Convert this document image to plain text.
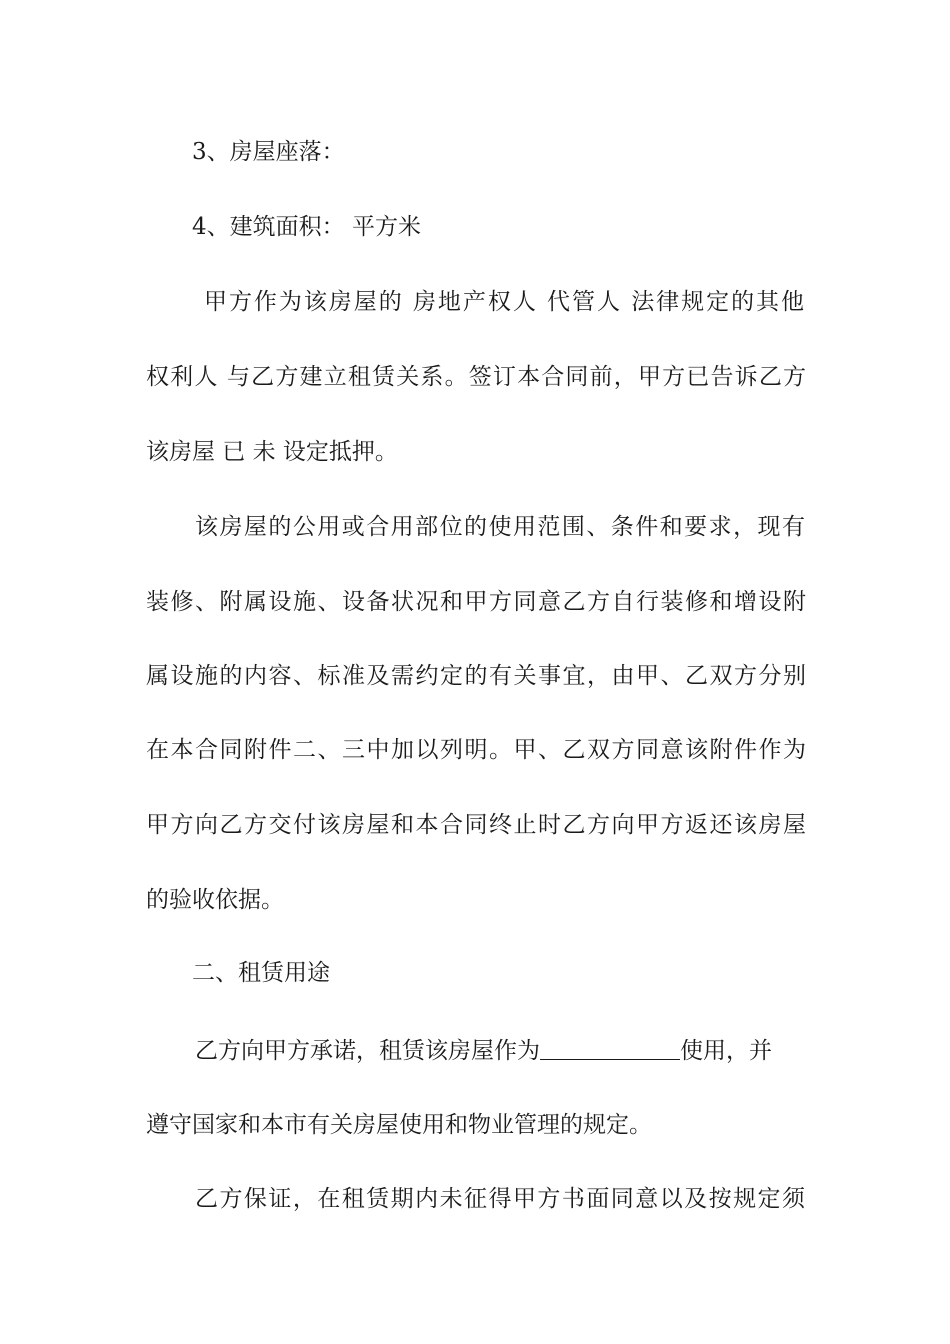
3、房屋座落：

4、建筑面积： 平方米

甲方作为该房屋的 房地产权人 代管人 法律规定的其他

权利人 与乙方建立租赁关系。签订本合同前，甲方已告诉乙方

该房屋 已 未 设定抵押。

该房屋的公用或合用部位的使用范围、条件和要求，现有

装修、附属设施、设备状况和甲方同意乙方自行装修和增设附

属设施的内容、标准及需约定的有关事宜，由甲、乙双方分别

在本合同附件二、三中加以列明。甲、乙双方同意该附件作为

甲方向乙方交付该房屋和本合同终止时乙方向甲方返还该房屋

的验收依据。

二、租赁用途

乙方向甲方承诺，租赁该房屋作为	使用，并

遵守国家和本市有关房屋使用和物业管理的规定。

乙方保证，在租赁期内未征得甲方书面同意以及按规定须
